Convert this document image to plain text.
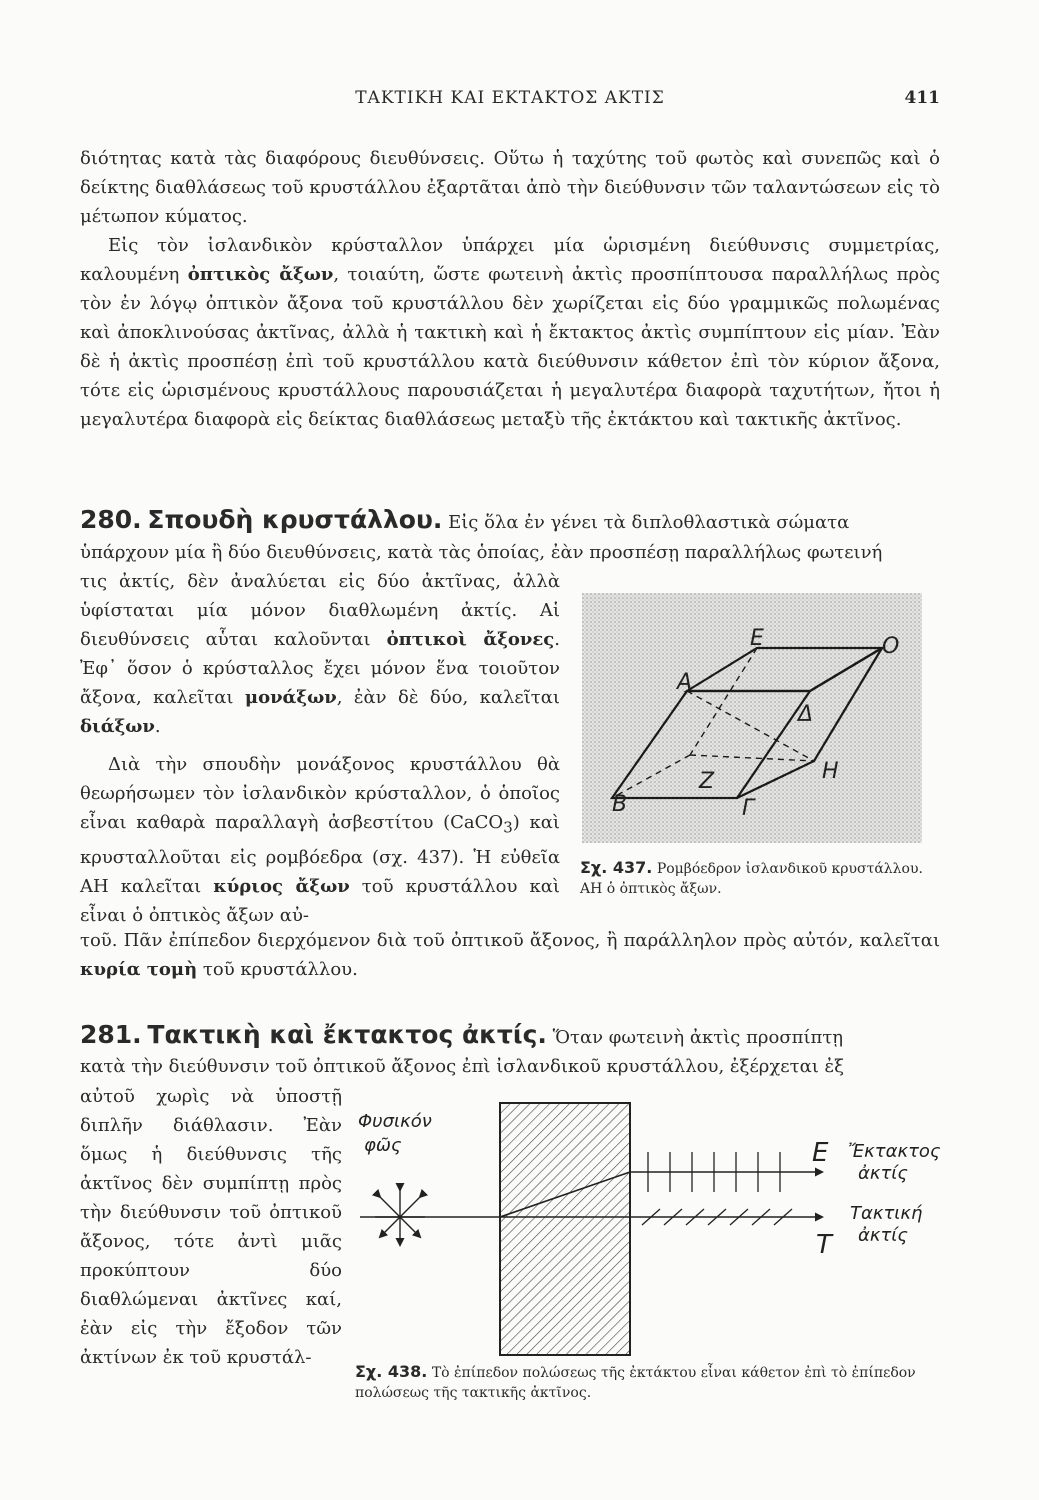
ΤΑΚΤΙΚΗ ΚΑΙ ΕΚΤΑΚΤΟΣ ΑΚΤΙΣ	411

διότητας κατὰ τὰς διαφόρους διευθύνσεις. Οὕτω ἡ ταχύτης τοῦ φωτὸς καὶ συνεπῶς καὶ ὁ δείκτης διαθλάσεως τοῦ κρυστάλλου ἐξαρτᾶται ἀπὸ τὴν διεύθυνσιν τῶν ταλαντώσεων εἰς τὸ μέτωπον κύματος.

Εἰς τὸν ἰσλανδικὸν κρύσταλλον ὑπάρχει μία ὡρισμένη διεύθυνσις συμμετρίας, καλουμένη ὀπτικὸς ἄξων, τοιαύτη, ὥστε φωτεινὴ ἀκτὶς προσπίπτουσα παραλλήλως πρὸς τὸν ἐν λόγῳ ὀπτικὸν ἄξονα τοῦ κρυστάλλου δὲν χωρίζεται εἰς δύο γραμμικῶς πολωμένας καὶ ἀποκλινούσας ἀκτῖνας, ἀλλὰ ἡ τακτικὴ καὶ ἡ ἔκτακτος ἀκτὶς συμπίπτουν εἰς μίαν. Ἐὰν δὲ ἡ ἀκτὶς προσπέσῃ ἐπὶ τοῦ κρυστάλλου κατὰ διεύθυνσιν κάθετον ἐπὶ τὸν κύριον ἄξονα, τότε εἰς ὡρισμένους κρυστάλλους παρουσιάζεται ἡ μεγαλυτέρα διαφορὰ ταχυτήτων, ἤτοι ἡ μεγαλυτέρα διαφορὰ εἰς δείκτας διαθλάσεως μεταξὺ τῆς ἐκτάκτου καὶ τακτικῆς ἀκτῖνος.

280. Σπουδὴ κρυστάλλου. Εἰς ὅλα ἐν γένει τὰ διπλοθλαστικὰ σώματα

ὑπάρχουν μία ἢ δύο διευθύνσεις, κατὰ τὰς ὁποίας, ἐὰν προσπέσῃ παραλλήλως φωτεινή

τις ἀκτίς, δὲν ἀναλύεται εἰς δύο ἀκτῖνας, ἀλλὰ ὑφίσταται μία μόνον διαθλωμένη ἀκτίς. Αἱ διευθύνσεις αὗται καλοῦνται ὀπτικοὶ ἄξονες. Ἐφ᾿ ὅσον ὁ κρύσταλλος ἔχει μόνον ἕνα τοιοῦτον ἄξονα, καλεῖται μονάξων, ἐὰν δὲ δύο, καλεῖται διάξων.

Διὰ τὴν σπουδὴν μονάξονος κρυστάλλου θὰ θεωρήσωμεν τὸν ἰσλανδικὸν κρύσταλλον, ὁ ὁποῖος εἶναι καθαρὰ παραλλαγὴ ἀσβεστίτου (CaCO$_3$) καὶ κρυσταλλοῦται εἰς ρομβόεδρα (σχ. 437). Ἡ εὐθεῖα ΑΗ καλεῖται κύριος ἄξων τοῦ κρυστάλλου καὶ εἶναι ὁ ὀπτικὸς ἄξων αὐ-

τοῦ. Πᾶν ἐπίπεδον διερχόμενον διὰ τοῦ ὀπτικοῦ ἄξονος, ἢ παράλληλον πρὸς αὐτόν, καλεῖται κυρία τομὴ τοῦ κρυστάλλου.

A
B
E	O
Δ
H
Z
Γ
Σχ. 437. Ρομβόεδρον ἰσλανδικοῦ κρυστάλλου. ΑΗ ὁ ὀπτικὸς ἄξων.

281. Τακτικὴ καὶ ἔκτακτος ἀκτίς. Ὅταν φωτεινὴ ἀκτὶς προσπίπτῃ

κατὰ τὴν διεύθυνσιν τοῦ ὀπτικοῦ ἄξονος ἐπὶ ἰσλανδικοῦ κρυστάλλου, ἐξέρχεται ἐξ

αὐτοῦ χωρὶς νὰ ὑποστῇ διπλῆν διάθλασιν. Ἐὰν ὅμως ἡ διεύθυνσις τῆς ἀκτῖνος δὲν συμπίπτῃ πρὸς τὴν διεύθυνσιν τοῦ ὀπτικοῦ ἄξονος, τότε ἀντὶ μιᾶς προκύπτουν δύο διαθλώμεναι ἀκτῖνες καί, ἐὰν εἰς τὴν ἔξοδον τῶν ἀκτίνων ἐκ τοῦ κρυστάλ-

Φυσικόν
φῶς	E
T
Ἔκτακτος
ἀκτίς
Τακτική
ἀκτίς
Σχ. 438. Τὸ ἐπίπεδον πολώσεως τῆς ἐκτάκτου εἶναι κάθετον ἐπὶ τὸ ἐπίπεδον πολώσεως τῆς τακτικῆς ἀκτῖνος.
